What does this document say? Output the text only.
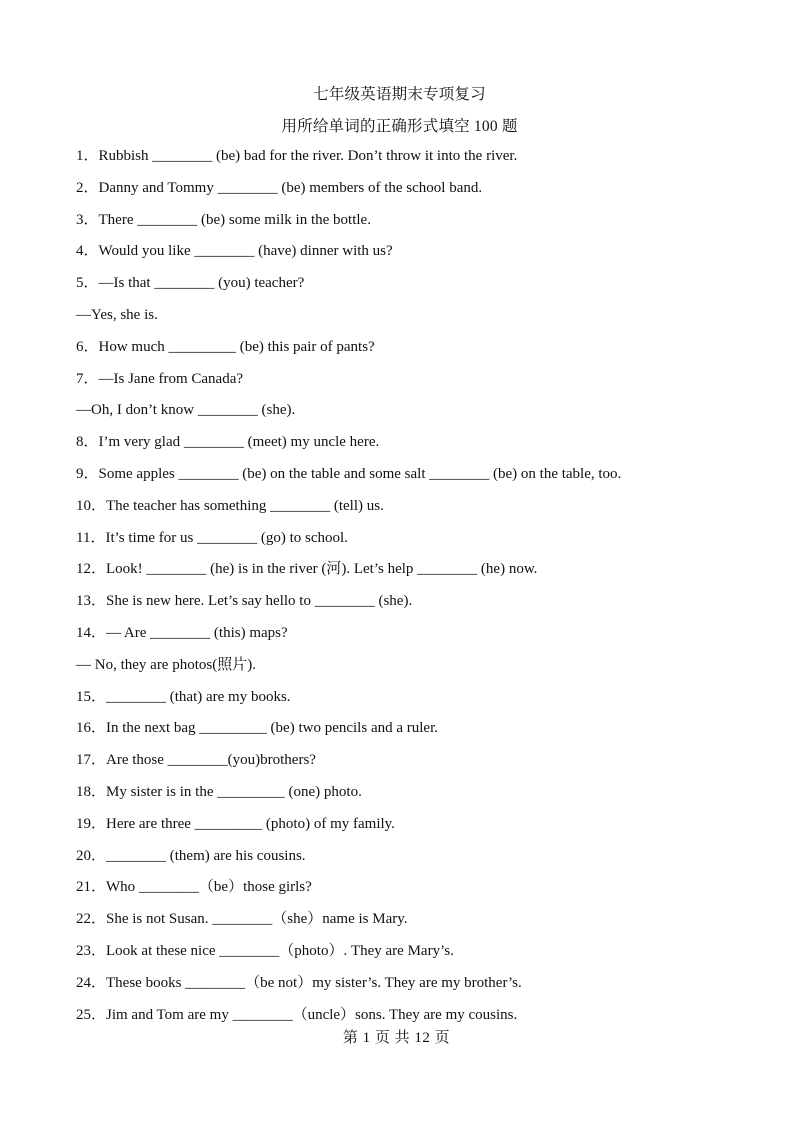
七年级英语期末专项复习
用所给单词的正确形式填空 100 题
1．Rubbish ________ (be) bad for the river. Don’t throw it into the river.
2．Danny and Tommy ________ (be) members of the school band.
3．There ________ (be) some milk in the bottle.
4．Would you like ________ (have) dinner with us?
5．—Is that ________ (you) teacher?
—Yes, she is.
6．How much _________ (be) this pair of pants?
7．—Is Jane from Canada?
—Oh, I don’t know ________ (she).
8．I’m very glad ________ (meet) my uncle here.
9．Some apples ________ (be) on the table and some salt ________ (be) on the table, too.
10．The teacher has something ________ (tell) us.
11．It’s time for us ________ (go) to school.
12．Look! ________ (he) is in the river (河). Let’s help ________ (he) now.
13．She is new here. Let’s say hello to ________ (she).
14．— Are ________ (this) maps?
— No, they are photos(照片).
15．________ (that) are my books.
16．In the next bag _________ (be) two pencils and a ruler.
17．Are those ________(you)brothers?
18．My sister is in the _________ (one) photo.
19．Here are three _________ (photo) of my family.
20．________ (them) are his cousins.
21．Who ________（be）those girls?
22．She is not Susan. ________（she）name is Mary.
23．Look at these nice ________（photo）. They are Mary’s.
24．These books ________（be not）my sister’s. They are my brother’s.
25．Jim and Tom are my ________（uncle）sons. They are my cousins.
第 1 页 共 12 页
